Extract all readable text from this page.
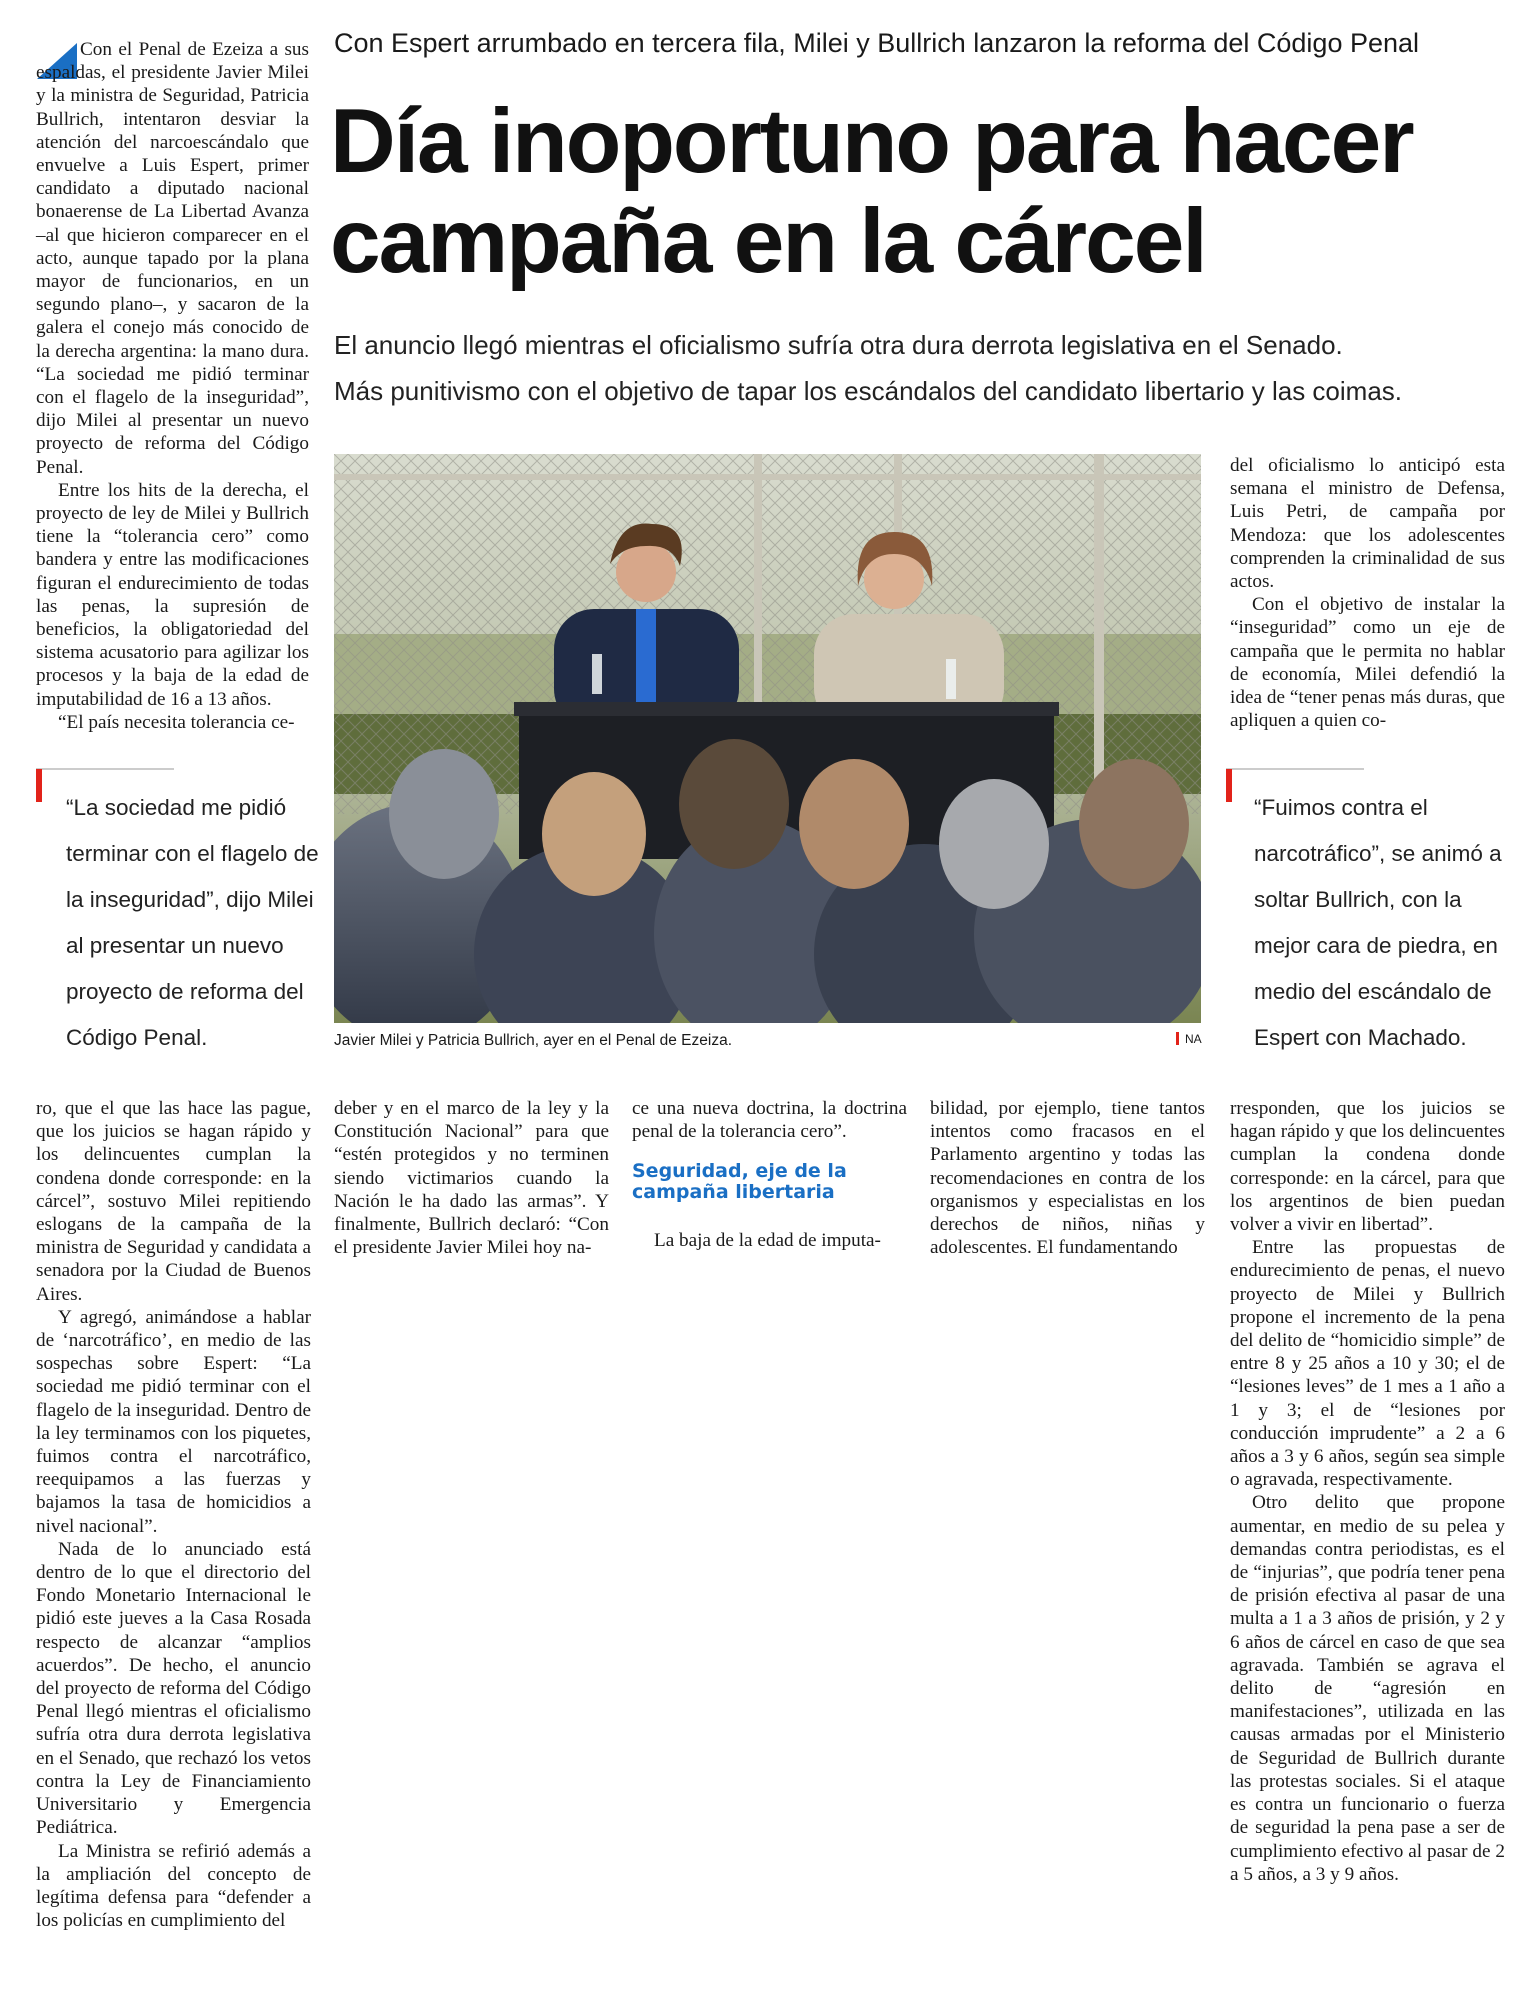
Con el Penal de Ezeiza a sus espaldas, el presidente Javier Milei y la ministra de Seguridad, Patricia Bullrich, intentaron desviar la atención del narcoescándalo que envuelve a Luis Espert, primer candidato a diputado nacional bonaerense de La Libertad Avanza –al que hicieron comparecer en el acto, aunque tapado por la plana mayor de funcionarios, en un segundo plano–, y sacaron de la galera el conejo más conocido de la derecha argentina: la mano dura. “La sociedad me pidió terminar con el flagelo de la inseguridad”, dijo Milei al presentar un nuevo proyecto de reforma del Código Penal.

Entre los hits de la derecha, el proyecto de ley de Milei y Bullrich tiene la “tolerancia cero” como bandera y entre las modificaciones figuran el endurecimiento de todas las penas, la supresión de beneficios, la obligatoriedad del sistema acusatorio para agilizar los procesos y la baja de la edad de imputabilidad de 16 a 13 años.

“El país necesita tolerancia ce-

Con Espert arrumbado en tercera fila, Milei y Bullrich lanzaron la reforma del Código Penal
Día inoportuno para hacer campaña en la cárcel
El anuncio llegó mientras el oficialismo sufría otra dura derrota legislativa en el Senado.
Más punitivismo con el objetivo de tapar los escándalos del candidato libertario y las coimas.
Javier Milei y Patricia Bullrich, ayer en el Penal de Ezeiza.	NA
“La sociedad me pidió terminar con el flagelo de la inseguridad”, dijo Milei al presentar un nuevo proyecto de reforma del Código Penal.
“Fuimos contra el narcotráfico”, se animó a soltar Bullrich, con la mejor cara de piedra, en medio del escándalo de Espert con Machado.

del oficialismo lo anticipó esta semana el ministro de Defensa, Luis Petri, de campaña por Mendoza: que los adolescentes comprenden la criminalidad de sus actos.

Con el objetivo de instalar la “inseguridad” como un eje de campaña que le permita no hablar de economía, Milei defendió la idea de “tener penas más duras, que apliquen a quien co-

ro, que el que las hace las pague, que los juicios se hagan rápido y los delincuentes cumplan la condena donde corresponde: en la cárcel”, sostuvo Milei repitiendo eslogans de la campaña de la ministra de Seguridad y candidata a senadora por la Ciudad de Buenos Aires.

Y agregó, animándose a hablar de ‘narcotráfico’, en medio de las sospechas sobre Espert: “La sociedad me pidió terminar con el flagelo de la inseguridad. Dentro de la ley terminamos con los piquetes, fuimos contra el narcotráfico, reequipamos a las fuerzas y bajamos la tasa de homicidios a nivel nacional”.

Nada de lo anunciado está dentro de lo que el directorio del Fondo Monetario Internacional le pidió este jueves a la Casa Rosada respecto de alcanzar “amplios acuerdos”. De hecho, el anuncio del proyecto de reforma del Código Penal llegó mientras el oficialismo sufría otra dura derrota legislativa en el Senado, que rechazó los vetos contra la Ley de Financiamiento Universitario y Emergencia Pediátrica.

La Ministra se refirió además a la ampliación del concepto de legítima defensa para “defender a los policías en cumplimiento del

deber y en el marco de la ley y la Constitución Nacional” para que “estén protegidos y no terminen siendo victimarios cuando la Nación le ha dado las armas”. Y finalmente, Bullrich declaró: “Con el presidente Javier Milei hoy na-

ce una nueva doctrina, la doctrina penal de la tolerancia cero”.

Seguridad, eje de la campaña libertaria

La baja de la edad de imputa-

bilidad, por ejemplo, tiene tantos intentos como fracasos en el Parlamento argentino y todas las recomendaciones en contra de los organismos y especialistas en los derechos de niños, niñas y adolescentes. El fundamentando

rresponden, que los juicios se hagan rápido y que los delincuentes cumplan la condena donde corresponde: en la cárcel, para que los argentinos de bien puedan volver a vivir en libertad”.

Entre las propuestas de endurecimiento de penas, el nuevo proyecto de Milei y Bullrich propone el incremento de la pena del delito de “homicidio simple” de entre 8 y 25 años a 10 y 30; el de “lesiones leves” de 1 mes a 1 año a 1 y 3; el de “lesiones por conducción imprudente” a 2 a 6 años a 3 y 6 años, según sea simple o agravada, respectivamente.

Otro delito que propone aumentar, en medio de su pelea y demandas contra periodistas, es el de “injurias”, que podría tener pena de prisión efectiva al pasar de una multa a 1 a 3 años de prisión, y 2 y 6 años de cárcel en caso de que sea agravada. También se agrava el delito de “agresión en manifestaciones”, utilizada en las causas armadas por el Ministerio de Seguridad de Bullrich durante las protestas sociales. Si el ataque es contra un funcionario o fuerza de seguridad la pena pase a ser de cumplimiento efectivo al pasar de 2 a 5 años, a 3 y 9 años.
